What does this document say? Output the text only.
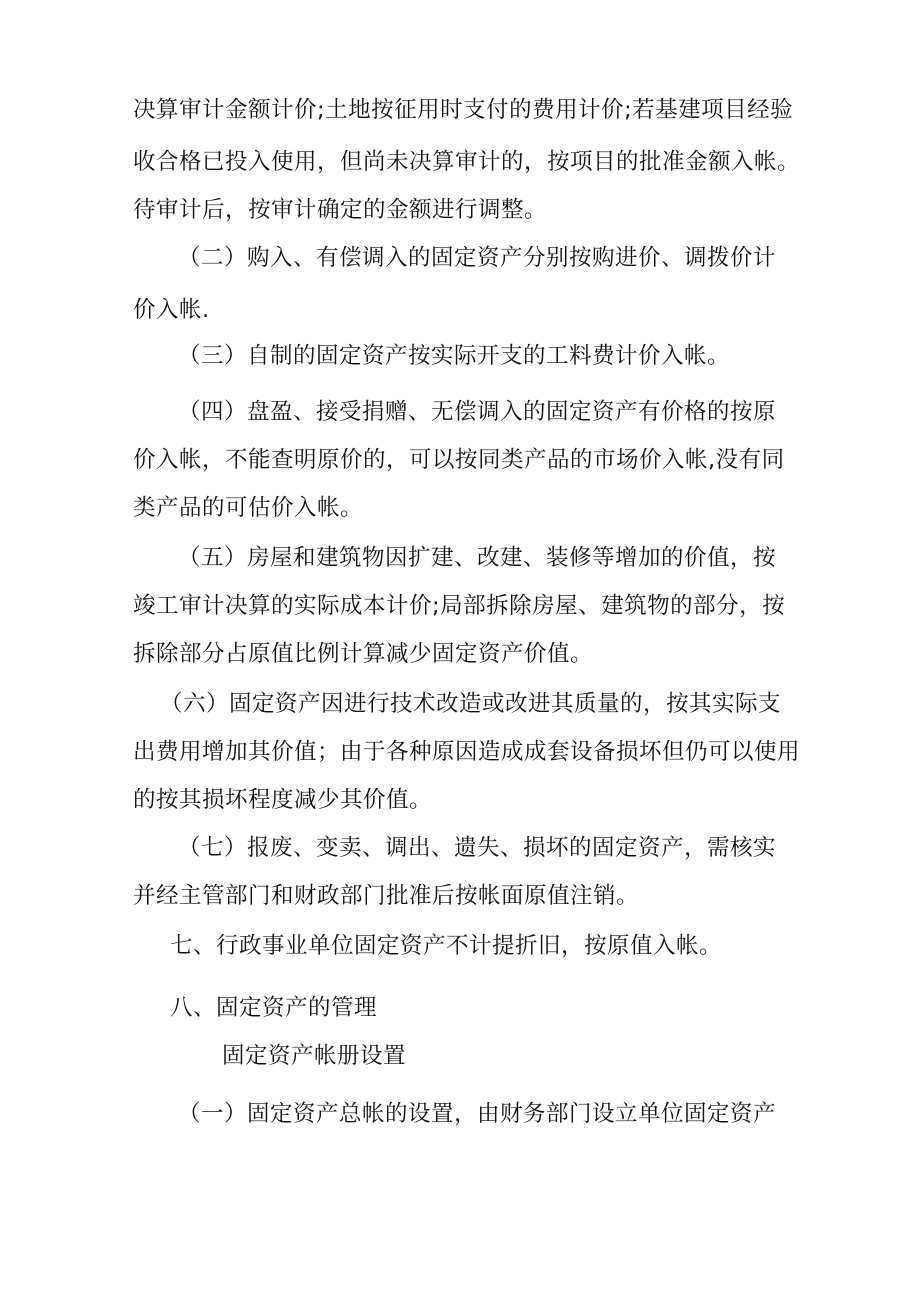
决算审计金额计价;土地按征用时支付的费用计价;若基建项目经验
收合格已投入使用，但尚未决算审计的，按项目的批准金额入帐。
待审计后，按审计确定的金额进行调整。
（二）购入、有偿调入的固定资产分别按购进价、调拨价计
价入帐.
（三）自制的固定资产按实际开支的工料费计价入帐。
（四）盘盈、接受捐赠、无偿调入的固定资产有价格的按原
价入帐，不能查明原价的，可以按同类产品的市场价入帐,没有同
类产品的可估价入帐。
（五）房屋和建筑物因扩建、改建、装修等增加的价值，按
竣工审计决算的实际成本计价;局部拆除房屋、建筑物的部分，按
拆除部分占原值比例计算减少固定资产价值。
（六）固定资产因进行技术改造或改进其质量的，按其实际支
出费用增加其价值；由于各种原因造成成套设备损坏但仍可以使用
的按其损坏程度减少其价值。
（七）报废、变卖、调出、遗失、损坏的固定资产，需核实
并经主管部门和财政部门批准后按帐面原值注销。
七、行政事业单位固定资产不计提折旧，按原值入帐。
八、固定资产的管理
固定资产帐册设置
（一）固定资产总帐的设置，由财务部门设立单位固定资产
